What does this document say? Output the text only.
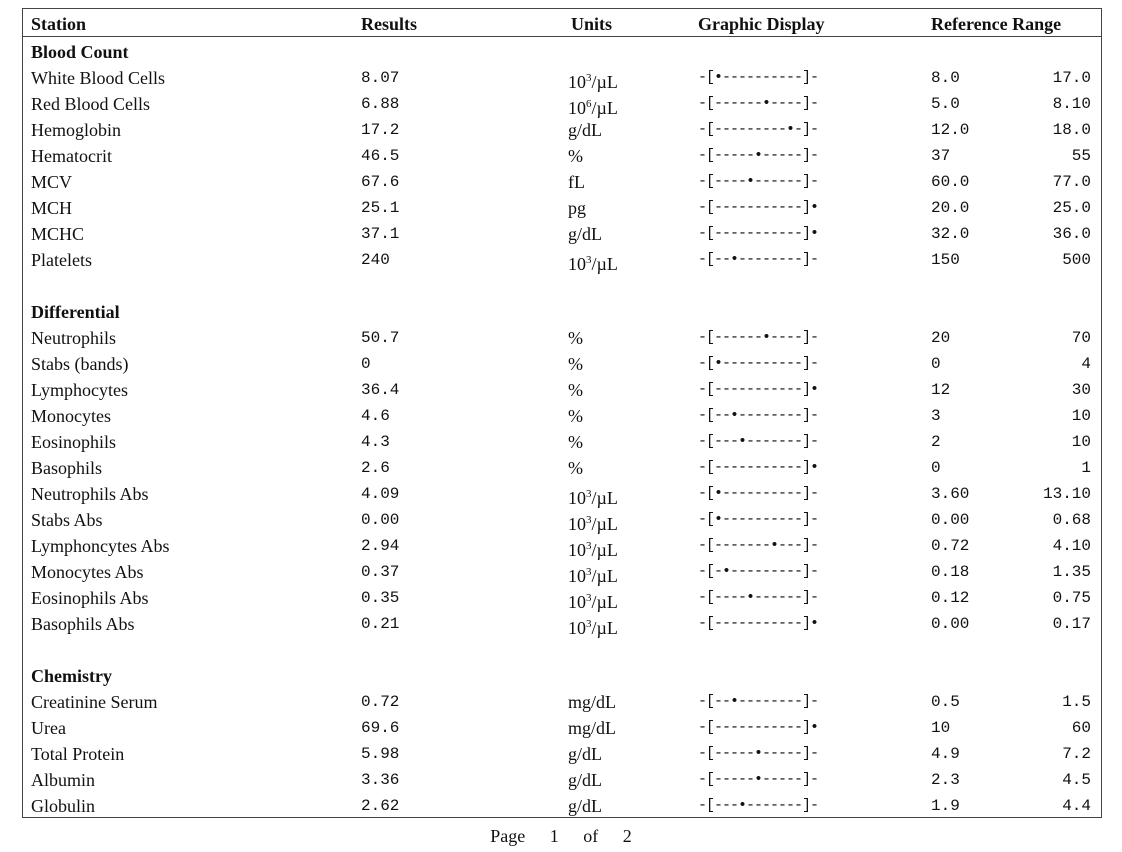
Station	Results	Units	Graphic Display	Reference Range
Blood Count
White Blood Cells	8.07	$10^3/\mu L$	-[•----------]-	8.0	17.0
Red Blood Cells	6.88	$10^6/\mu L$	-[------•----]-	5.0	8.10
Hemoglobin	17.2	g/dL	-[---------•-]-	12.0	18.0
Hematocrit	46.5	%	-[-----•-----]-	37	55
MCV	67.6	fL	-[----•------]-	60.0	77.0
MCH	25.1	pg	-[-----------]•	20.0	25.0
MCHC	37.1	g/dL	-[-----------]•	32.0	36.0
Platelets	240	$10^3/\mu L$	-[--•--------]-	150	500
Differential
Neutrophils	50.7	%	-[------•----]-	20	70
Stabs (bands)	0	%	-[•----------]-	0	4
Lymphocytes	36.4	%	-[-----------]•	12	30
Monocytes	4.6	%	-[--•--------]-	3	10
Eosinophils	4.3	%	-[---•-------]-	2	10
Basophils	2.6	%	-[-----------]•	0	1
Neutrophils Abs	4.09	$10^3/\mu L$	-[•----------]-	3.60	13.10
Stabs Abs	0.00	$10^3/\mu L$	-[•----------]-	0.00	0.68
Lymphoncytes Abs	2.94	$10^3/\mu L$	-[-------•---]-	0.72	4.10
Monocytes Abs	0.37	$10^3/\mu L$	-[-•---------]-	0.18	1.35
Eosinophils Abs	0.35	$10^3/\mu L$	-[----•------]-	0.12	0.75
Basophils Abs	0.21	$10^3/\mu L$	-[-----------]•	0.00	0.17
Chemistry
Creatinine Serum	0.72	mg/dL	-[--•--------]-	0.5	1.5
Urea	69.6	mg/dL	-[-----------]•	10	60
Total Protein	5.98	g/dL	-[-----•-----]-	4.9	7.2
Albumin	3.36	g/dL	-[-----•-----]-	2.3	4.5
Globulin	2.62	g/dL	-[---•-------]-	1.9	4.4
Page 1 of 2
